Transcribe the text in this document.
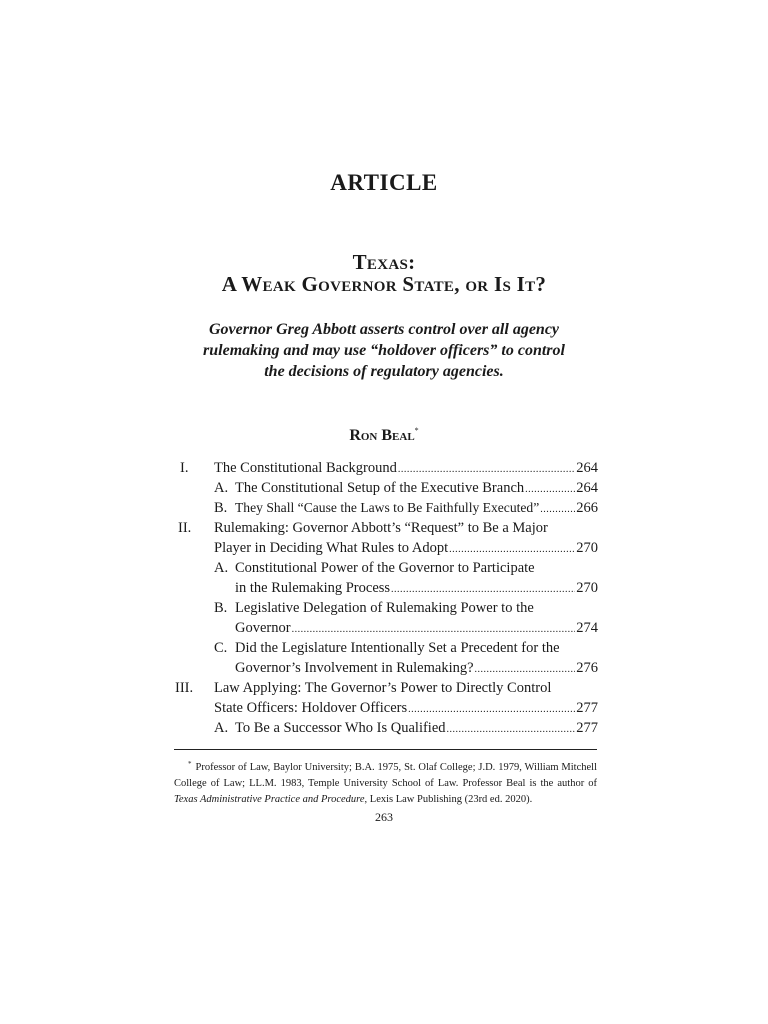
ARTICLE
Texas:
A Weak Governor State, or Is It?
Governor Greg Abbott asserts control over all agency
rulemaking and may use “holdover officers” to control
the decisions of regulatory agencies.
Ron Beal*
I. The Constitutional Background .....	264
A. The Constitutional Setup of the Executive Branch .....	264
B. They Shall “Cause the Laws to Be Faithfully Executed” .....	266
II. Rulemaking: Governor Abbott’s “Request” to Be a Major
Player in Deciding What Rules to Adopt .....	270
A. Constitutional Power of the Governor to Participate
in the Rulemaking Process .....	270
B. Legislative Delegation of Rulemaking Power to the
Governor .....	274
C. Did the Legislature Intentionally Set a Precedent for the
Governor’s Involvement in Rulemaking? .....	276
III. Law Applying: The Governor’s Power to Directly Control
State Officers: Holdover Officers .....	277
A. To Be a Successor Who Is Qualified .....	277
* Professor of Law, Baylor University; B.A. 1975, St. Olaf College; J.D. 1979, William Mitchell College of Law; LL.M. 1983, Temple University School of Law. Professor Beal is the author of Texas Administrative Practice and Procedure, Lexis Law Publishing (23rd ed. 2020).
263
